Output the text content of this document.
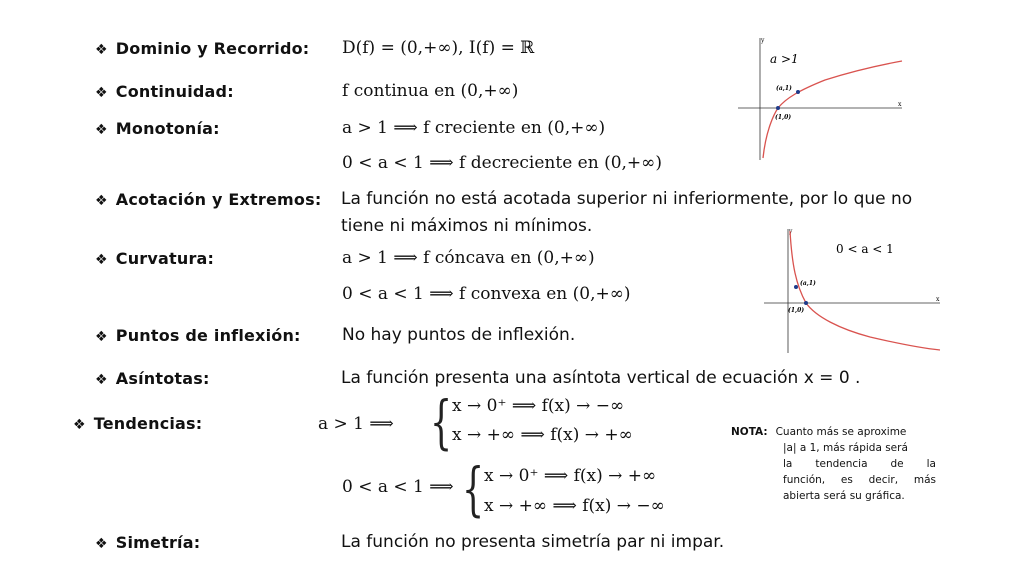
❖ Dominio y Recorrido: D(f) = (0,+∞), I(f) = ℝ
❖ Continuidad:	f continua en (0,+∞)
❖ Monotonía:	a > 1 ⟹ f creciente en (0,+∞)
0 < a < 1 ⟹ f decreciente en (0,+∞)
❖ Acotación y Extremos: La función no está acotada superior ni inferiormente, por lo que no
tiene ni máximos ni mínimos.
❖ Curvatura:	a > 1 ⟹ f cóncava en (0,+∞)
0 < a < 1 ⟹ f convexa en (0,+∞)
❖ Puntos de inflexión: No hay puntos de inflexión.
❖ Asíntotas:	La función presenta una asíntota vertical de ecuación x = 0 .
❖ Tendencias:	a > 1 ⟹ { x → 0⁺ ⟹ f(x) → −∞
x → +∞ ⟹ f(x) → +∞
0 < a < 1 ⟹ { x → 0⁺ ⟹ f(x) → +∞
x → +∞ ⟹ f(x) → −∞
❖ Simetría:	La función no presenta simetría par ni impar.
NOTA: Cuanto más se aproxime
|a| a 1, más rápida será
la tendencia de la
función, es decir, más
abierta será su gráfica.
y
x
(1,0)
(a,1)
a >1
y
x
(1,0)
(a,1)
0 < a < 1
